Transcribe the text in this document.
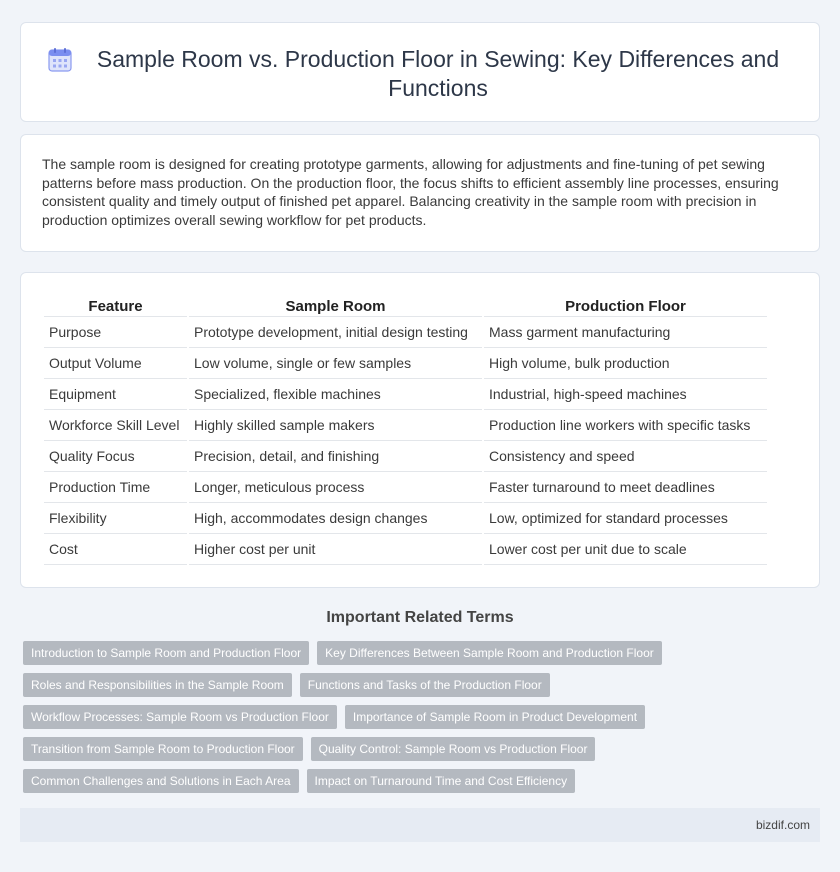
Sample Room vs. Production Floor in Sewing: Key Differences and Functions

The sample room is designed for creating prototype garments, allowing for adjustments and fine-tuning of pet sewing patterns before mass production. On the production floor, the focus shifts to efficient assembly line processes, ensuring consistent quality and timely output of finished pet apparel. Balancing creativity in the sample room with precision in production optimizes overall sewing workflow for pet products.

Feature	Sample Room	Production Floor
Purpose	Prototype development, initial design testing	Mass garment manufacturing
Output Volume	Low volume, single or few samples	High volume, bulk production
Equipment	Specialized, flexible machines	Industrial, high-speed machines
Workforce Skill Level	Highly skilled sample makers	Production line workers with specific tasks
Quality Focus	Precision, detail, and finishing	Consistency and speed
Production Time	Longer, meticulous process	Faster turnaround to meet deadlines
Flexibility	High, accommodates design changes	Low, optimized for standard processes
Cost	Higher cost per unit	Lower cost per unit due to scale
Important Related Terms
Introduction to Sample Room and Production Floor	Key Differences Between Sample Room and Production Floor
Roles and Responsibilities in the Sample Room	Functions and Tasks of the Production Floor
Workflow Processes: Sample Room vs Production Floor	Importance of Sample Room in Product Development
Transition from Sample Room to Production Floor	Quality Control: Sample Room vs Production Floor
Common Challenges and Solutions in Each Area	Impact on Turnaround Time and Cost Efficiency
bizdif.com
